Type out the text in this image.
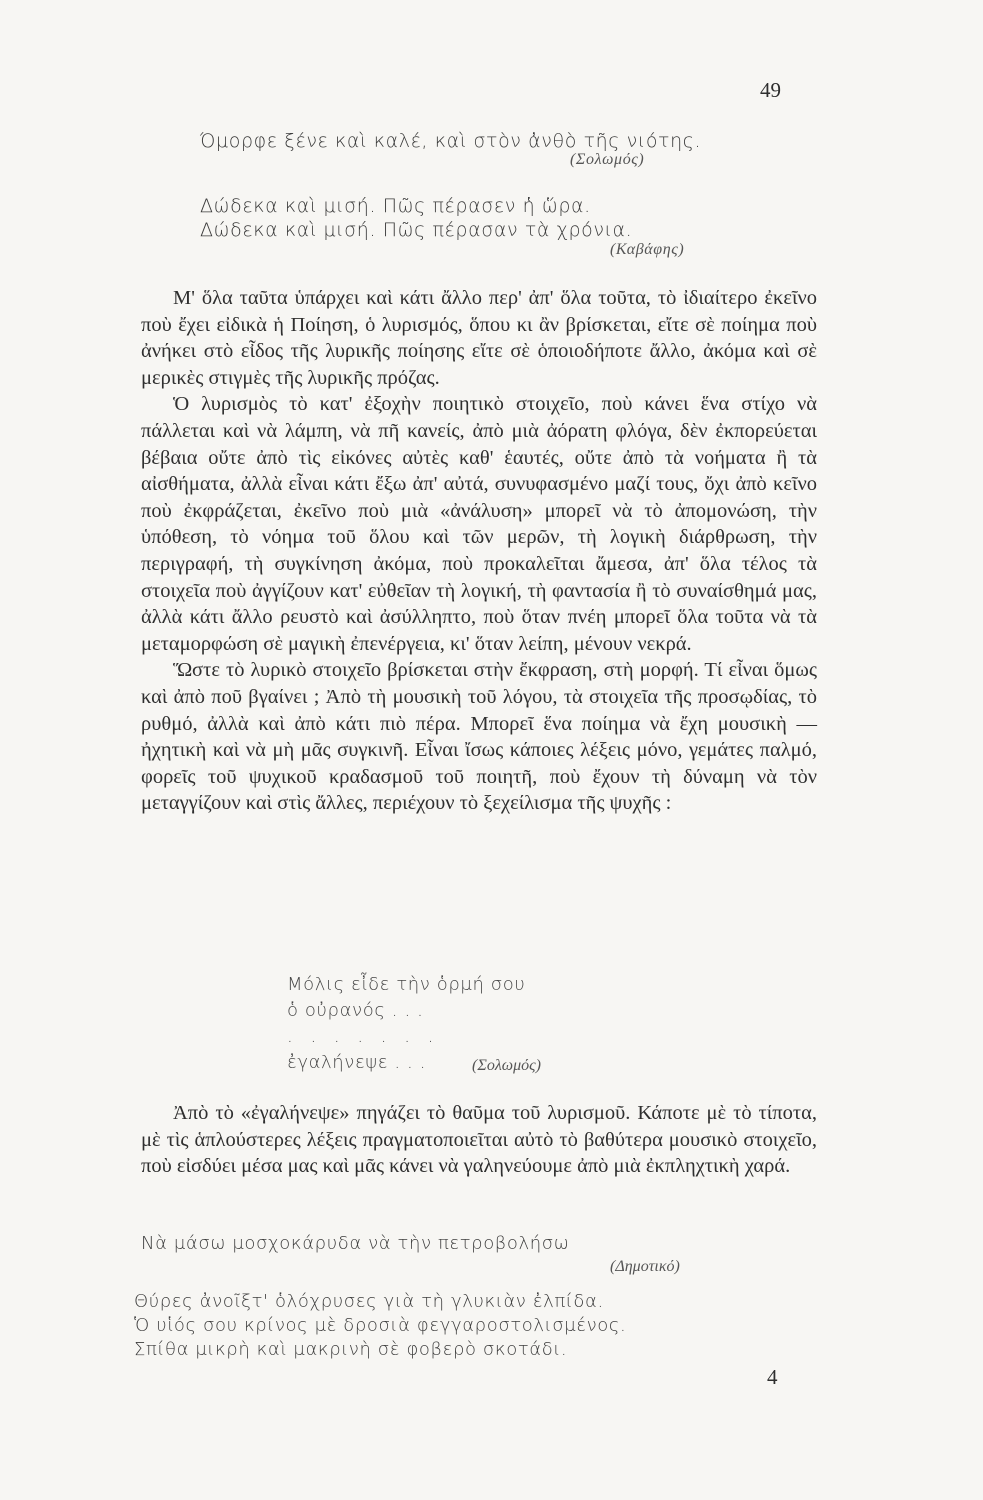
49

Όμορφε ξένε καὶ καλέ, καὶ στὸν ἀνθὸ τῆς νιότης.

(Σολωμός)

Δώδεκα καὶ μισή. Πῶς πέρασεν ἡ ὥρα.

Δώδεκα καὶ μισή. Πῶς πέρασαν τὰ χρόνια.

(Καβάφης)

Μ' ὅλα ταῦτα ὑπάρχει καὶ κάτι ἄλλο περ' ἀπ' ὅλα τοῦτα, τὸ ἰδιαίτερο ἐκεῖνο ποὺ ἔχει εἰδικὰ ἡ Ποίηση, ὁ λυρισμός, ὅπου κι ἂν βρίσκεται, εἴτε σὲ ποίημα ποὺ ἀνήκει στὸ εἶδος τῆς λυρικῆς ποίησης εἴτε σὲ ὁποιοδήποτε ἄλλο, ἀκόμα καὶ σὲ μερικὲς στιγμὲς τῆς λυρικῆς πρόζας.

Ὁ λυρισμὸς τὸ κατ' ἐξοχὴν ποιητικὸ στοιχεῖο, ποὺ κάνει ἕνα στίχο νὰ πάλλεται καὶ νὰ λάμπη, νὰ πῆ κανείς, ἀπὸ μιὰ ἀόρατη φλόγα, δὲν ἐκπορεύεται βέβαια οὔτε ἀπὸ τὶς εἰκόνες αὐτὲς καθ' ἑαυτές, οὔτε ἀπὸ τὰ νοήματα ἢ τὰ αἰσθήματα, ἀλλὰ εἶναι κάτι ἔξω ἀπ' αὐτά, συνυφασμένο μαζί τους, ὄχι ἀπὸ κεῖνο ποὺ ἐκφράζεται, ἐκεῖνο ποὺ μιὰ «ἀνάλυση» μπορεῖ νὰ τὸ ἀπομονώση, τὴν ὑπόθεση, τὸ νόημα τοῦ ὅλου καὶ τῶν μερῶν, τὴ λογικὴ διάρθρωση, τὴν περιγραφή, τὴ συγκίνηση ἀκόμα, ποὺ προκαλεῖται ἄμεσα, ἀπ' ὅλα τέλος τὰ στοιχεῖα ποὺ ἀγγίζουν κατ' εὐθεῖαν τὴ λογική, τὴ φαντασία ἢ τὸ συναίσθημά μας, ἀλλὰ κάτι ἄλλο ρευστὸ καὶ ἀσύλληπτο, ποὺ ὅταν πνέη μπορεῖ ὅλα τοῦτα νὰ τὰ μεταμορφώση σὲ μαγικὴ ἐπενέργεια, κι' ὅταν λείπη, μένουν νεκρά.

Ὥστε τὸ λυρικὸ στοιχεῖο βρίσκεται στὴν ἔκφραση, στὴ μορφή. Τί εἶναι ὅμως καὶ ἀπὸ ποῦ βγαίνει ; Ἀπὸ τὴ μουσικὴ τοῦ λόγου, τὰ στοιχεῖα τῆς προσῳδίας, τὸ ρυθμό, ἀλλὰ καὶ ἀπὸ κάτι πιὸ πέρα. Μπορεῖ ἕνα ποίημα νὰ ἔχη μουσικὴ — ἠχητικὴ καὶ νὰ μὴ μᾶς συγκινῆ. Εἶναι ἴσως κάποιες λέξεις μόνο, γεμάτες παλμό, φορεῖς τοῦ ψυχικοῦ κραδασμοῦ τοῦ ποιητῆ, ποὺ ἔχουν τὴ δύναμη νὰ τὸν μεταγγίζουν καὶ στὶς ἄλλες, περιέχουν τὸ ξεχείλισμα τῆς ψυχῆς :

Μόλις εἶδε τὴν ὁρμή σου
ὁ οὐρανός . . .
. . . . . . .
ἐγαλήνεψε . . .	(Σολωμός)

Ἀπὸ τὸ «ἐγαλήνεψε» πηγάζει τὸ θαῦμα τοῦ λυρισμοῦ. Κάποτε μὲ τὸ τίποτα, μὲ τὶς ἁπλούστερες λέξεις πραγματοποιεῖται αὐτὸ τὸ βαθύτερα μουσικὸ στοιχεῖο, ποὺ εἰσδύει μέσα μας καὶ μᾶς κάνει νὰ γαληνεύουμε ἀπὸ μιὰ ἐκπληχτικὴ χαρά.

Νὰ μάσω μοσχοκάρυδα νὰ τὴν πετροβολήσω
(Δημοτικό)
Θύρες ἀνοῖξτ' ὁλόχρυσες γιὰ τὴ γλυκιὰν ἐλπίδα.
Ὁ υἱός σου κρίνος μὲ δροσιὰ φεγγαροστολισμένος.
Σπίθα μικρὴ καὶ μακρινὴ σὲ φοβερὸ σκοτάδι.
4
